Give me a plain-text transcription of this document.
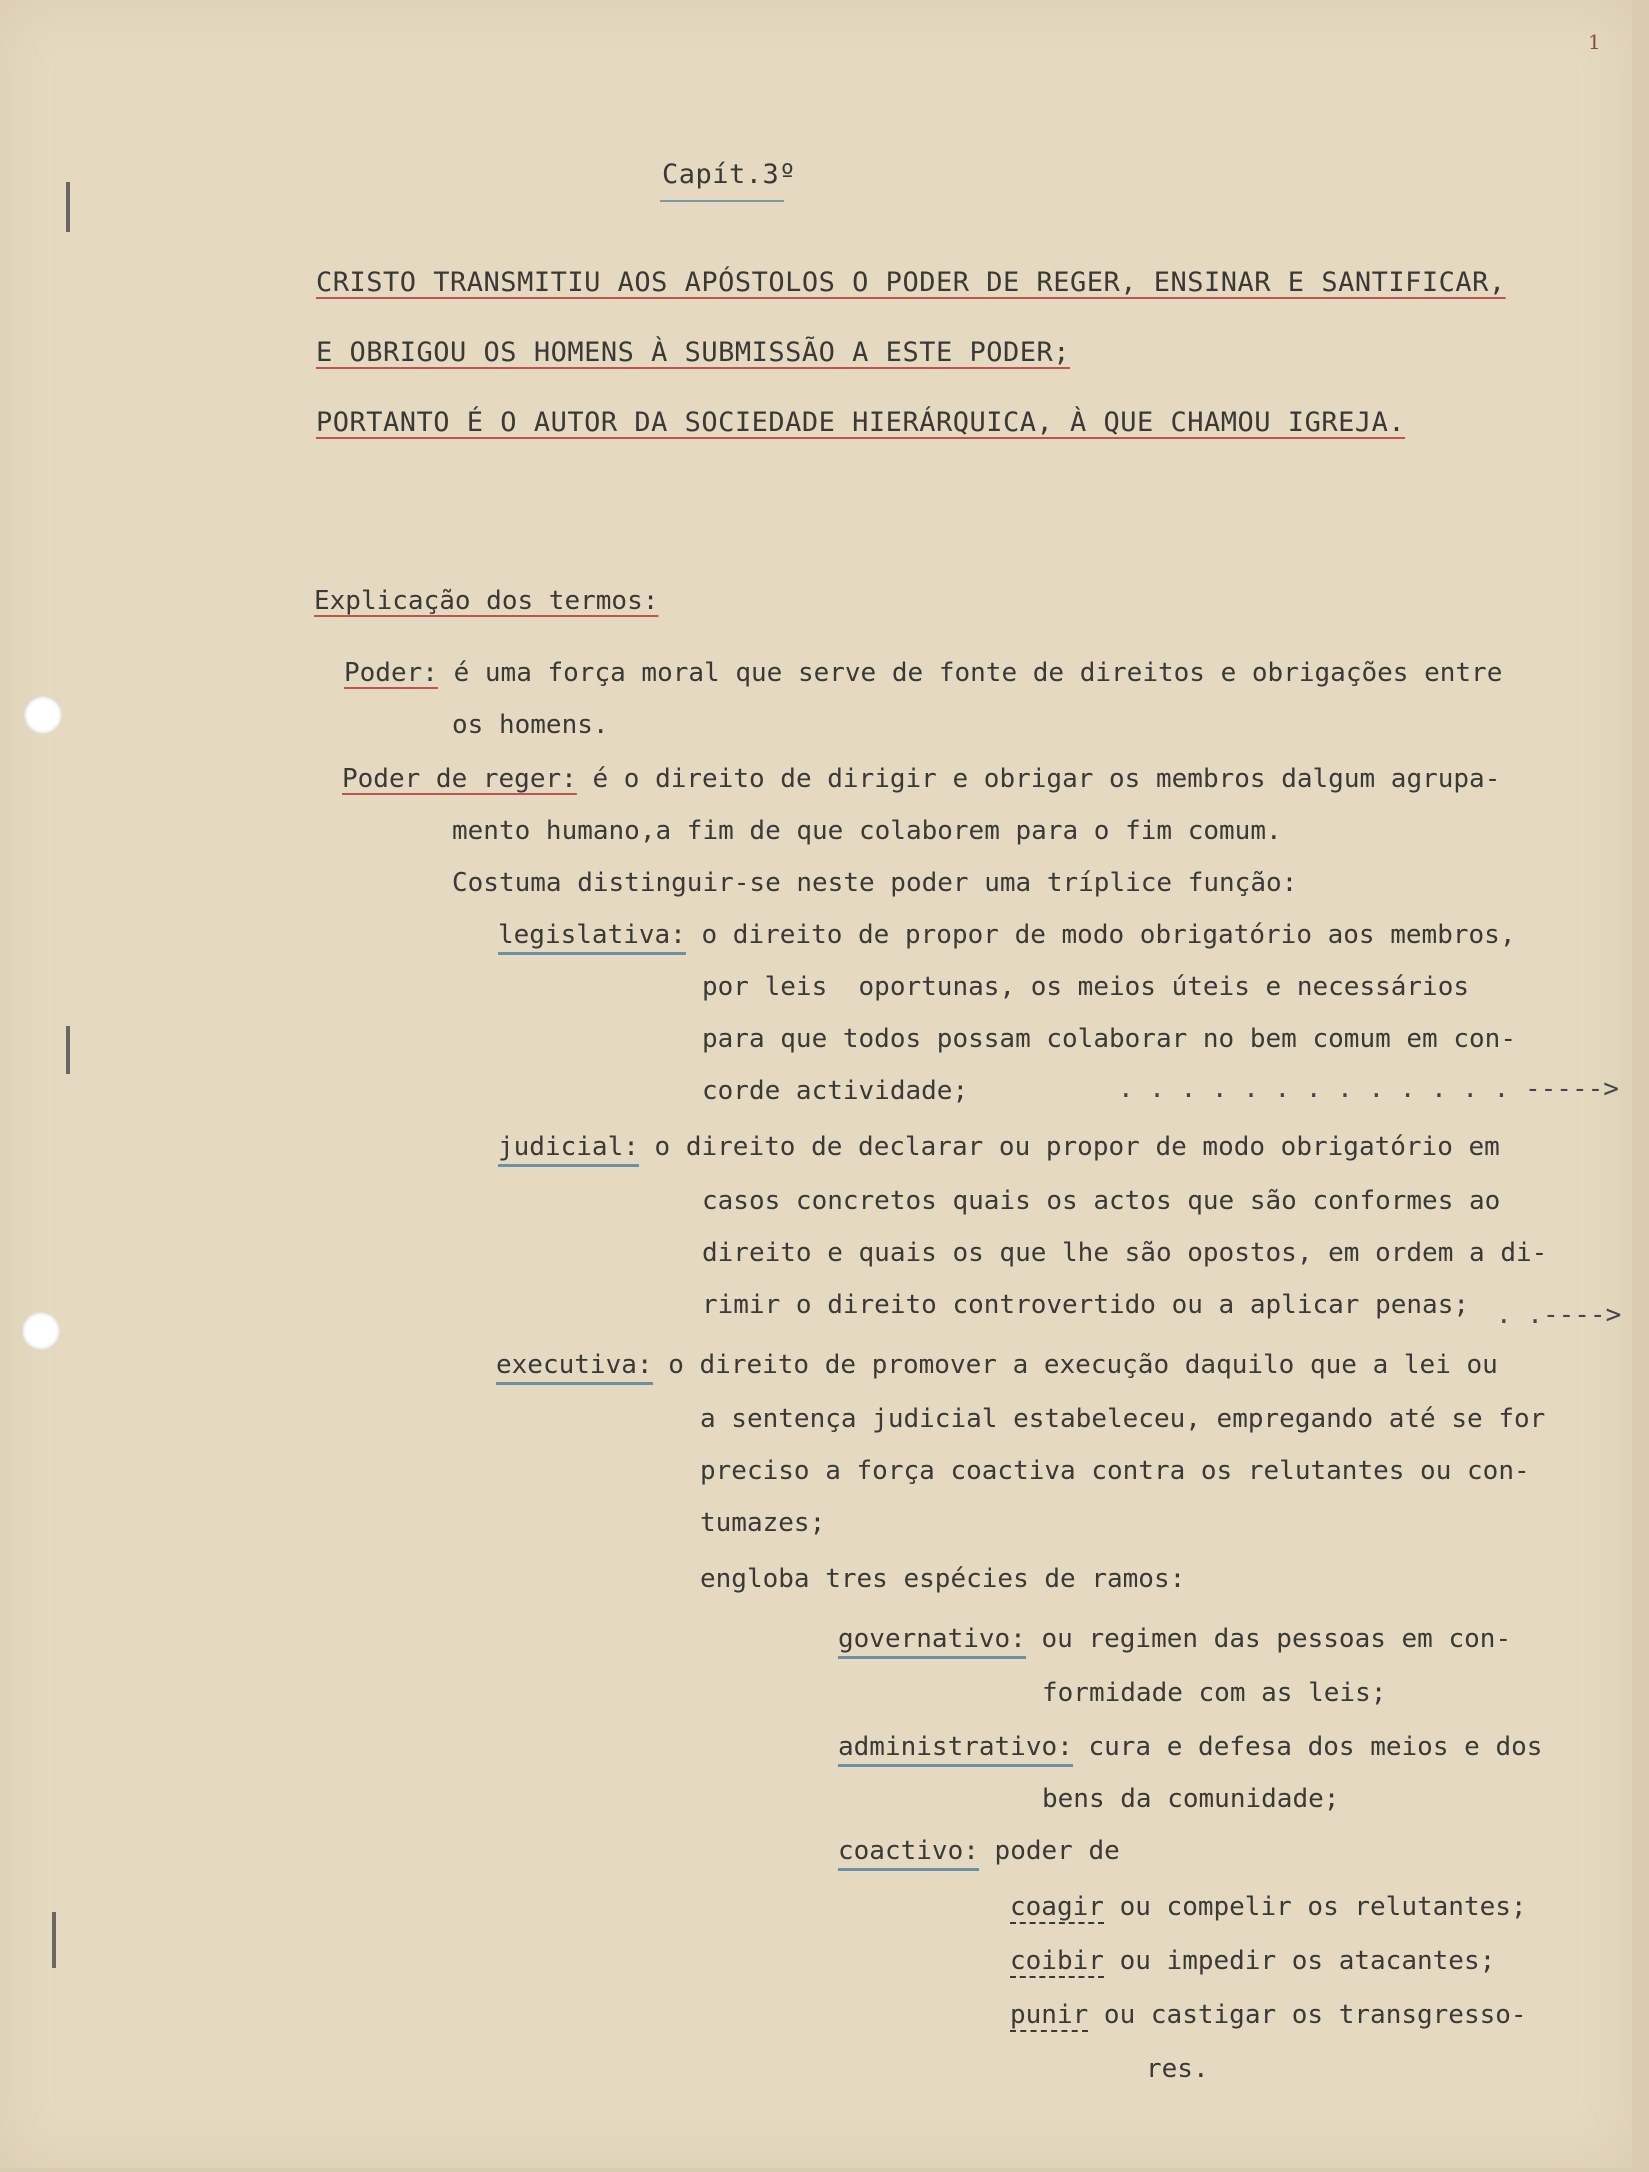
1
Capít.3º
CRISTO TRANSMITIU AOS APÓSTOLOS O PODER DE REGER, ENSINAR E SANTIFICAR,
E OBRIGOU OS HOMENS À SUBMISSÃO A ESTE PODER;
PORTANTO É O AUTOR DA SOCIEDADE HIERÁRQUICA, À QUE CHAMOU IGREJA.
Explicação dos termos:
Poder: é uma força moral que serve de fonte de direitos e obrigações entre
os homens.
Poder de reger: é o direito de dirigir e obrigar os membros dalgum agrupa-
mento humano,a fim de que colaborem para o fim comum.
Costuma distinguir-se neste poder uma tríplice função:
legislativa: o direito de propor de modo obrigatório aos membros,
por leis  oportunas, os meios úteis e necessários
para que todos possam colaborar no bem comum em con-
corde actividade;	. . . . . . . . . . . . . ----->
judicial: o direito de declarar ou propor de modo obrigatório em
casos concretos quais os actos que são conformes ao
direito e quais os que lhe são opostos, em ordem a di-
rimir o direito controvertido ou a aplicar penas; . .---->
executiva: o direito de promover a execução daquilo que a lei ou
a sentença judicial estabeleceu, empregando até se for
preciso a força coactiva contra os relutantes ou con-
tumazes;
engloba tres espécies de ramos:
governativo: ou regimen das pessoas em con-
formidade com as leis;
administrativo: cura e defesa dos meios e dos
bens da comunidade;
coactivo: poder de
coagir ou compelir os relutantes;
coibir ou impedir os atacantes;
punir ou castigar os transgresso-
res.
